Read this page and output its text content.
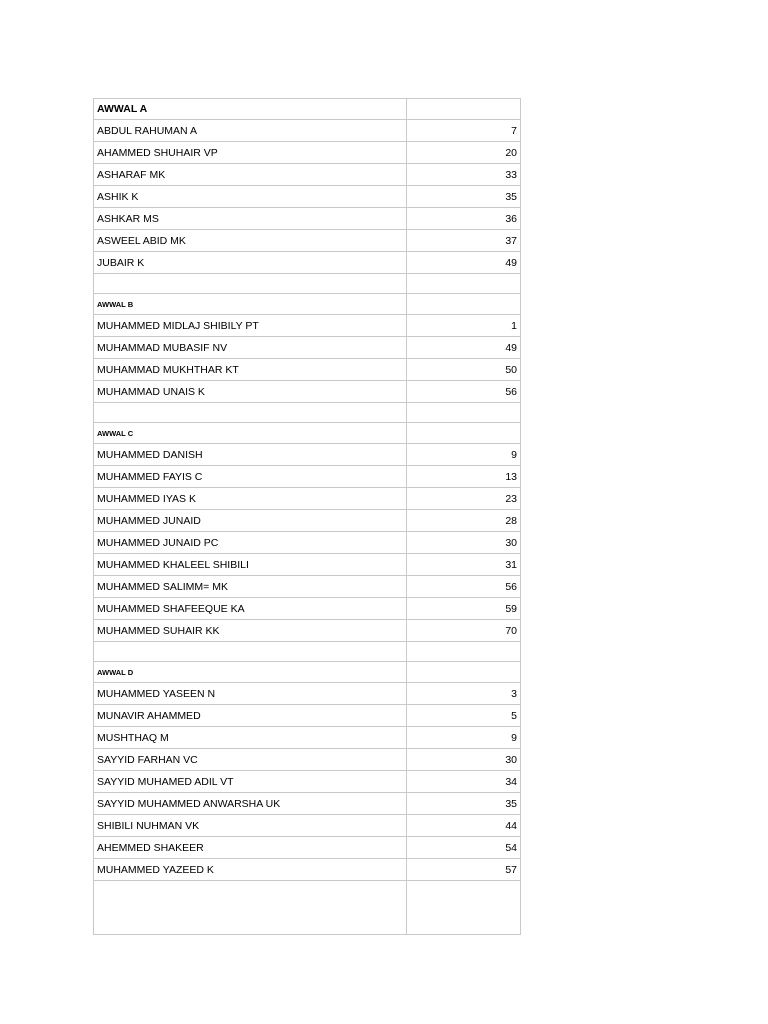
AWWAL A	
ABDUL RAHUMAN A	7
AHAMMED SHUHAIR VP	20
ASHARAF MK	33
ASHIK K	35
ASHKAR MS	36
ASWEEL ABID MK	37
JUBAIR K	49

AWWAL B	
MUHAMMED MIDLAJ SHIBILY PT	1
MUHAMMAD MUBASIF NV	49
MUHAMMAD MUKHTHAR KT	50
MUHAMMAD UNAIS K	56

AWWAL C	
MUHAMMED DANISH	9
MUHAMMED FAYIS C	13
MUHAMMED IYAS K	23
MUHAMMED JUNAID	28
MUHAMMED JUNAID PC	30
MUHAMMED KHALEEL SHIBILI	31
MUHAMMED SALIMM= MK	56
MUHAMMED SHAFEEQUE KA	59
MUHAMMED SUHAIR KK	70

AWWAL D	
MUHAMMED YASEEN N	3
MUNAVIR AHAMMED	5
MUSHTHAQ M	9
SAYYID FARHAN VC	30
SAYYID MUHAMED ADIL VT	34
SAYYID MUHAMMED ANWARSHA UK	35
SHIBILI NUHMAN VK	44
AHEMMED SHAKEER	54
MUHAMMED YAZEED K	57
